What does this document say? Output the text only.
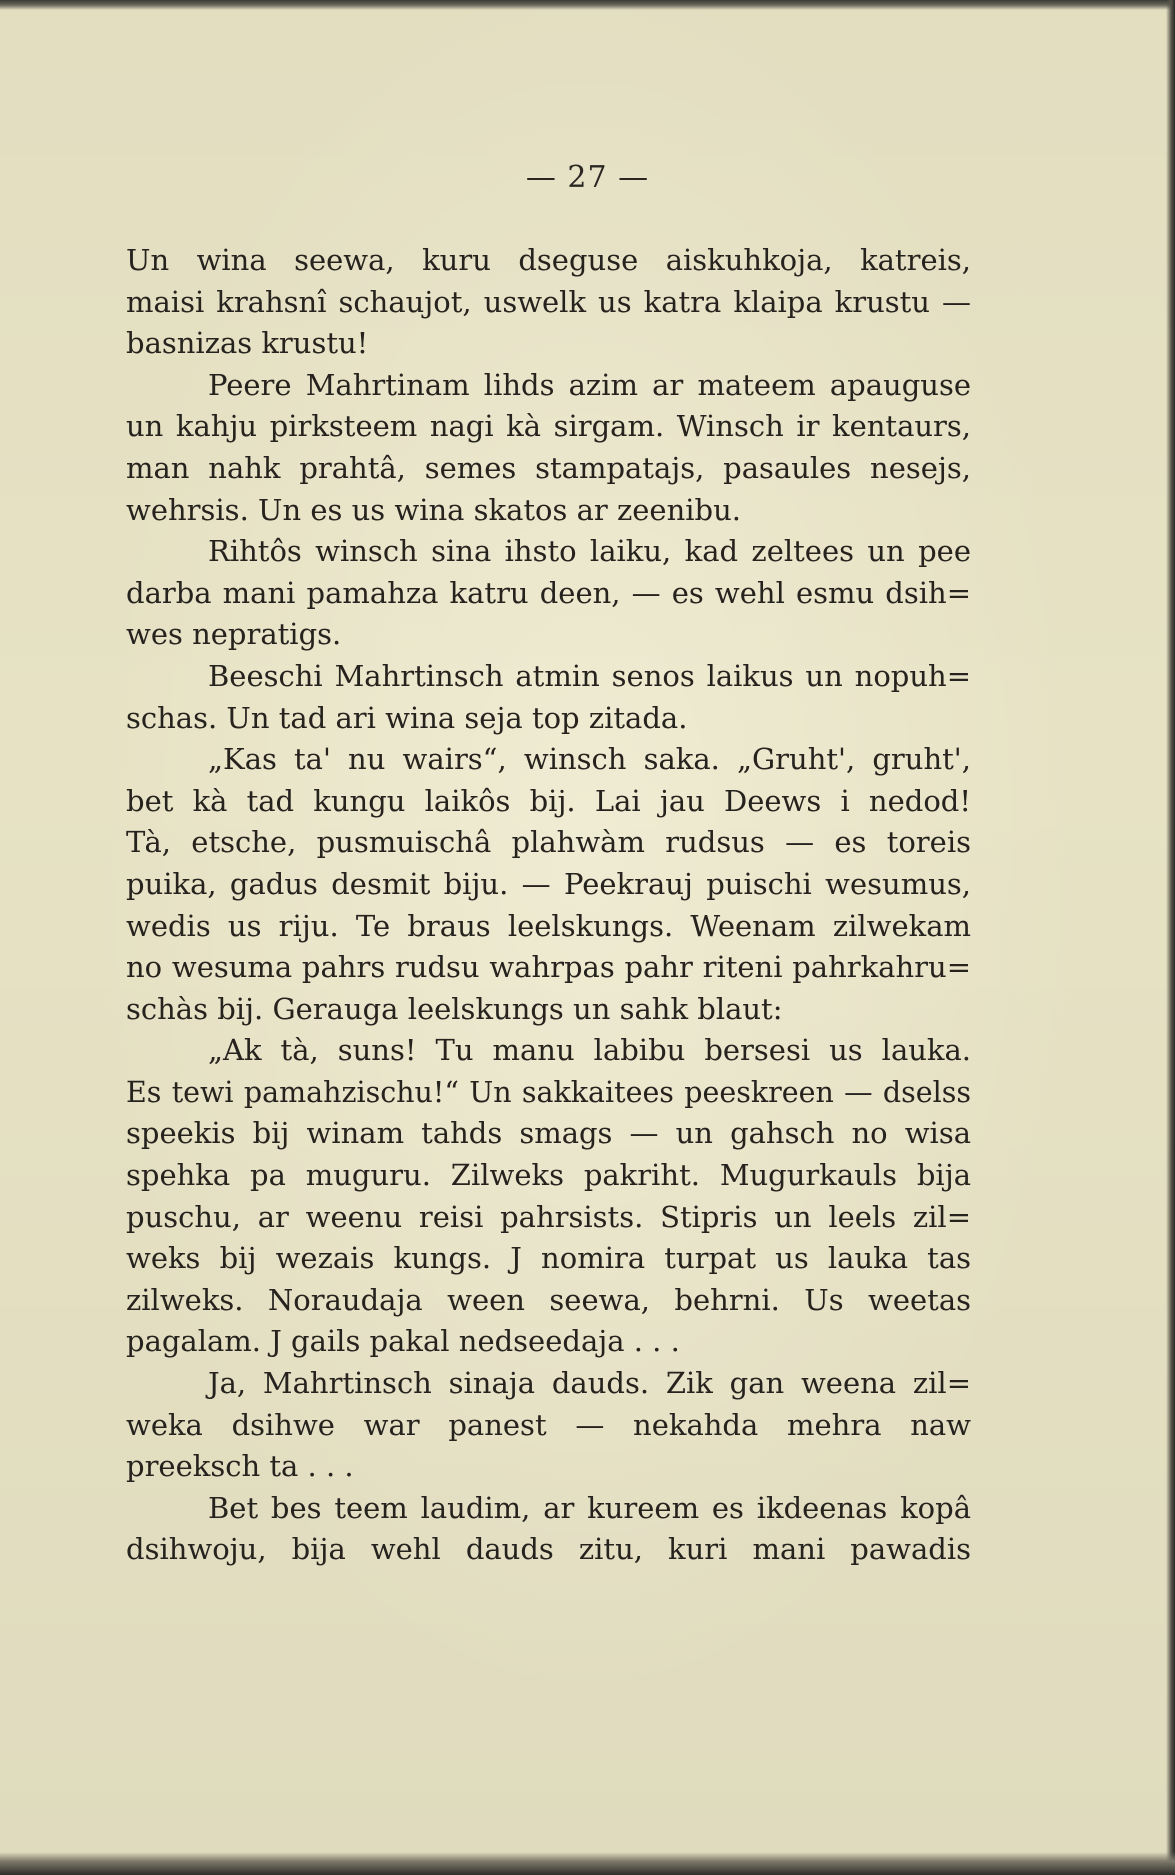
— 27 —
Un wina seewa, kuru dseguse aiskuhkoja, katreis,
maisi krahsnî schaujot, uswelk us katra klaipa krustu —
basnizas krustu!
Peere Mahrtinam lihds azim ar mateem apauguse
un kahju pirksteem nagi kà sirgam. Winsch ir kentaurs,
man nahk prahtâ, semes stampatajs, pasaules nesejs,
wehrsis. Un es us wina skatos ar zeenibu.
Rihtôs winsch sina ihsto laiku, kad zeltees un pee
darba mani pamahza katru deen, — es wehl esmu dsih=
wes nepratigs.
Beeschi Mahrtinsch atmin senos laikus un nopuh=
schas. Un tad ari wina seja top zitada.
„Kas ta' nu wairs“, winsch saka. „Gruht', gruht',
bet kà tad kungu laikôs bij. Lai jau Deews i nedod!
Tà, etsche, pusmuischâ plahwàm rudsus — es toreis
puika, gadus desmit biju. — Peekrauj puischi wesumus,
wedis us riju. Te braus leelskungs. Weenam zilwekam
no wesuma pahrs rudsu wahrpas pahr riteni pahrkahru=
schàs bij. Gerauga leelskungs un sahk blaut:
„Ak tà, suns! Tu manu labibu bersesi us lauka.
Es tewi pamahzischu!“ Un sakkaitees peeskreen — dselss
speekis bij winam tahds smags — un gahsch no wisa
spehka pa muguru. Zilweks pakriht. Mugurkauls bija
puschu, ar weenu reisi pahrsists. Stipris un leels zil=
weks bij wezais kungs. J nomira turpat us lauka tas
zilweks. Noraudaja ween seewa, behrni. Us weetas
pagalam. J gails pakal nedseedaja . . .
Ja, Mahrtinsch sinaja dauds. Zik gan weena zil=
weka dsihwe war panest — nekahda mehra naw
preeksch ta . . .
Bet bes teem laudim, ar kureem es ikdeenas kopâ
dsihwoju, bija wehl dauds zitu, kuri mani pawadis
